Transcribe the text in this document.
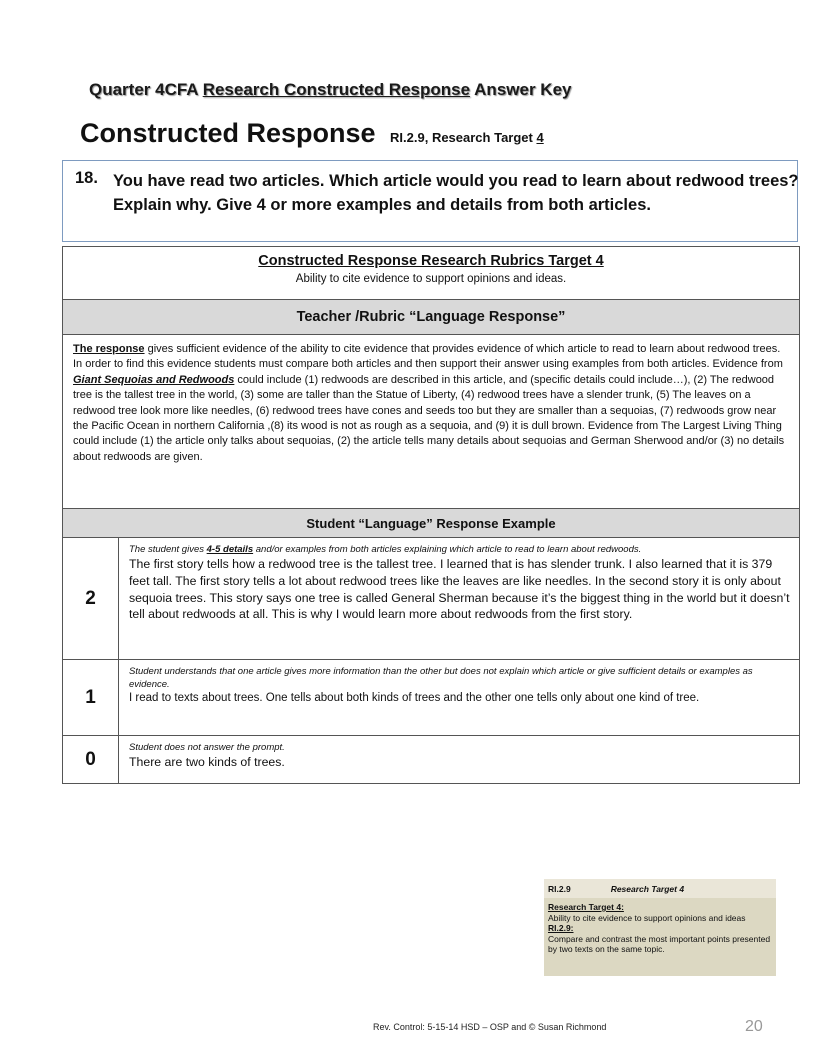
Quarter 4CFA Research Constructed Response Answer Key
Constructed Response RI.2.9, Research Target 4
18. You have read two articles. Which article would you read to learn about redwood trees? Explain why. Give 4 or more examples and details from both articles.
Constructed Response Research Rubrics Target 4
Ability to cite evidence to support opinions and ideas.	

Teacher /Rubric “Language Response”	

The response gives sufficient evidence of the ability to cite evidence that provides evidence of which article to read to learn about redwood trees. In order to find this evidence students must compare both articles and then support their answer using examples from both articles. Evidence from Giant Sequoias and Redwoods could include (1) redwoods are described in this article, and (specific details could include…), (2) The redwood tree is the tallest tree in the world, (3) some are taller than the Statue of Liberty, (4) redwood trees have a slender trunk, (5) The leaves on a redwood tree look more like needles, (6) redwood trees have cones and seeds too but they are smaller than a sequoias, (7) redwoods grow near the Pacific Ocean in northern California ,(8) its wood is not as rough as a sequoia, and (9) it is dull brown. Evidence from The Largest Living Thing could include (1) the article only talks about sequoias, (2) the article tells many details about sequoias and German Sherwood and/or (3) no details about redwoods are given.	

Student “Language” Response Example	

2	The student gives 4-5 details and/or examples from both articles explaining which article to read to learn about redwoods.
The first story tells how a redwood tree is the tallest tree. I learned that is has slender trunk. I also learned that it is 379 feet tall. The first story tells a lot about redwood trees like the leaves are like needles. In the second story it is only about sequoia trees. This story says one tree is called General Sherman because it’s the biggest thing in the world but it doesn’t tell about redwoods at all. This is why I would learn more about redwoods from the first story.

1	Student understands that one article gives more information than the other but does not explain which article or give sufficient details or examples as evidence.
I read to texts about trees. One tells about both kinds of trees and the other one tells only about one kind of tree.

0	Student does not answer the prompt.
There are two kinds of trees.
RI.2.9	Research Target 4
Research Target 4:
Ability to cite evidence to support opinions and ideas
RI.2.9:
Compare and contrast the most important points presented by two texts on the same topic.
Rev. Control: 5-15-14 HSD – OSP and © Susan Richmond	20
